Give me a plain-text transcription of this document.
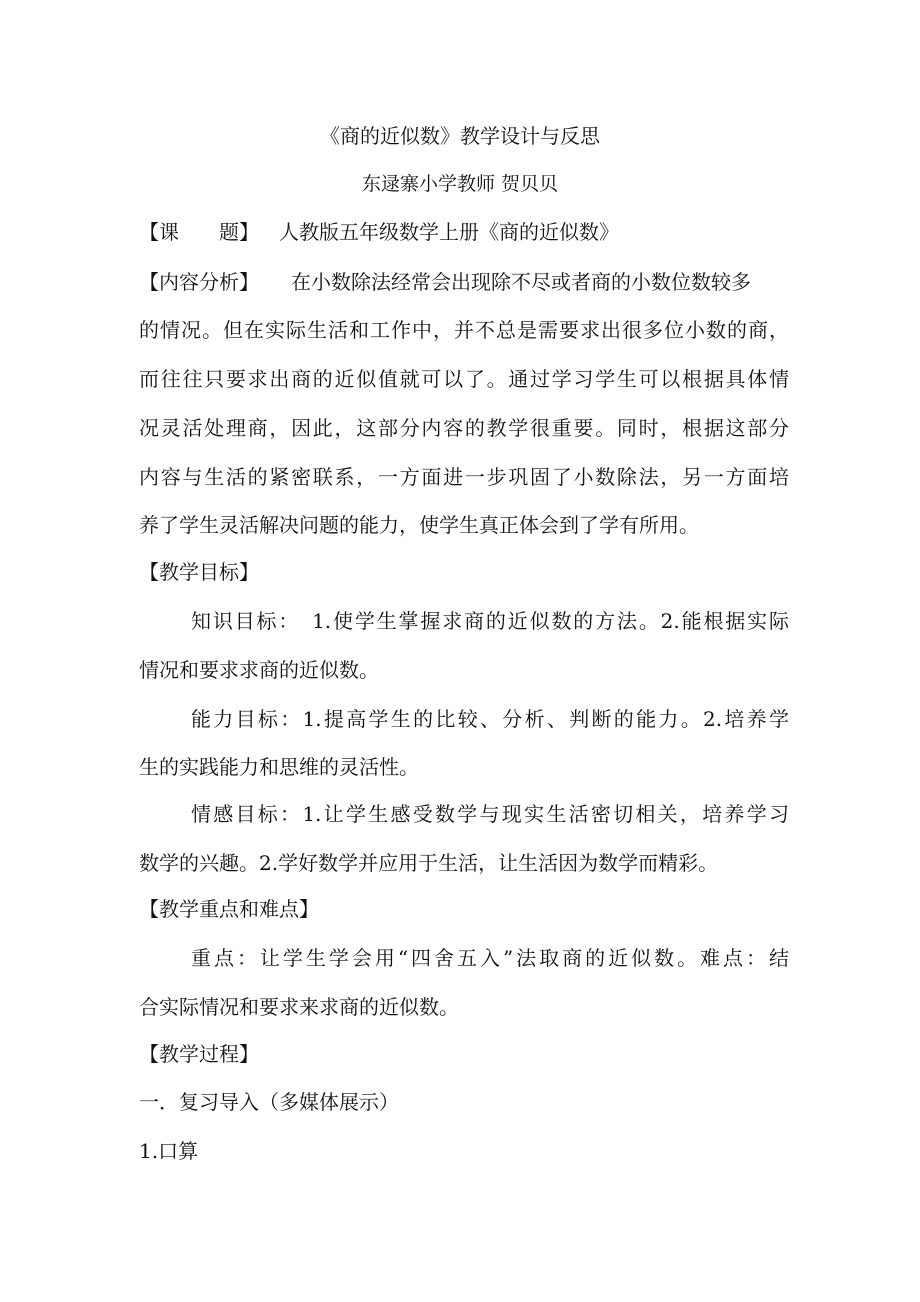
《商的近似数》教学设计与反思
东逯寨小学教师 贺贝贝
【课　　题】 人教版五年级数学上册《商的近似数》
【内容分析】 在小数除法经常会出现除不尽或者商的小数位数较多
的情况。但在实际生活和工作中，并不总是需要求出很多位小数的商，
而往往只要求出商的近似值就可以了。通过学习学生可以根据具体情
况灵活处理商，因此，这部分内容的教学很重要。同时，根据这部分
内容与生活的紧密联系，一方面进一步巩固了小数除法，另一方面培
养了学生灵活解决问题的能力，使学生真正体会到了学有所用。
【教学目标】
知识目标：　1.使学生掌握求商的近似数的方法。2.能根据实际
情况和要求求商的近似数。
能力目标：1.提高学生的比较、分析、判断的能力。2.培养学
生的实践能力和思维的灵活性。
情感目标：1.让学生感受数学与现实生活密切相关，培养学习
数学的兴趣。2.学好数学并应用于生活，让生活因为数学而精彩。
【教学重点和难点】
重点：让学生学会用“四舍五入”法取商的近似数。难点：结
合实际情况和要求来求商的近似数。
【教学过程】
一．复习导入（多媒体展示）
1.口算
